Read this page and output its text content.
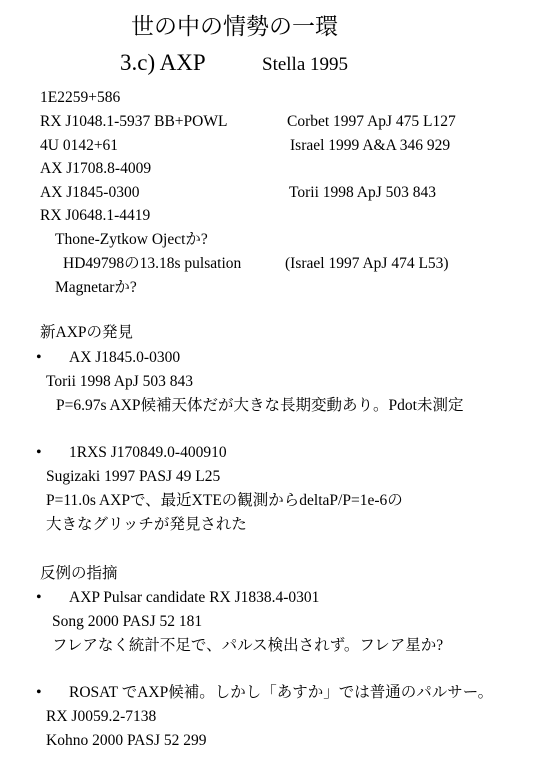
世の中の情勢の一環
3.c) AXP	Stella 1995
1E2259+586
RX J1048.1-5937 BB+POWL	Corbet 1997 ApJ 475 L127
4U 0142+61	Israel 1999 A&A 346 929
AX J1708.8-4009
AX J1845-0300	Torii 1998 ApJ 503 843
RX J0648.1-4419
Thone-Zytkow Ojectか?
HD49798の13.18s pulsation	(Israel 1997 ApJ 474 L53)
Magnetarか?
新AXPの発見
• AX J1845.0-0300
Torii 1998 ApJ 503 843
P=6.97s AXP候補天体だが大きな長期変動あり。Pdot未測定
• 1RXS J170849.0-400910
Sugizaki 1997 PASJ 49 L25
P=11.0s AXPで、最近XTEの観測からdeltaP/P=1e-6の
大きなグリッチが発見された
反例の指摘
• AXP Pulsar candidate RX J1838.4-0301
Song 2000 PASJ 52 181
フレアなく統計不足で、パルス検出されず。フレア星か?
• ROSAT でAXP候補。しかし「あすか」では普通のパルサー。
RX J0059.2-7138
Kohno 2000 PASJ 52 299
